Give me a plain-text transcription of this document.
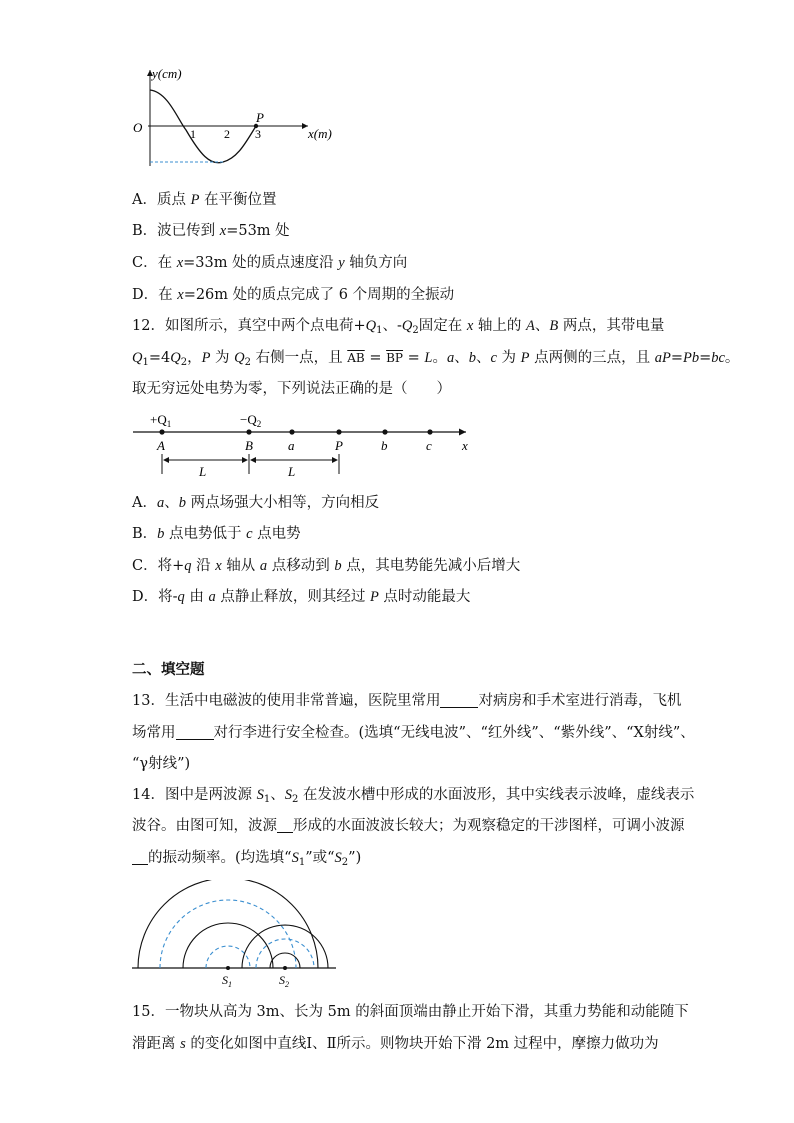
y(cm)
x(m)
O	1 2 3
P
A．质点 P 在平衡位置
B．波已传到 x=53m 处
C．在 x=33m 处的质点速度沿 y 轴负方向
D．在 x=26m 处的质点完成了 6 个周期的全振动
12．如图所示，真空中两个点电荷$+Q_1$、$-Q_2$固定在 x 轴上的 A、B 两点，其带电量
$Q_1=4Q_2$，P 为 $Q_2$ 右侧一点，且 $\overline{AB} = \overline{BP} = L$。a、b、c 为 P 点两侧的三点，且 aP=Pb=bc。
取无穷远处电势为零，下列说法正确的是（　　）
$+Q_1$	$-Q_2$
A	B	a	P	b	c x
L	L
A．a、b 两点场强大小相等，方向相反
B．b 点电势低于 c 点电势
C．将+q 沿 x 轴从 a 点移动到 b 点，其电势能先减小后增大
D．将-q 由 a 点静止释放，则其经过 P 点时动能最大
二、填空题
13．生活中电磁波的使用非常普遍，医院里常用	对病房和手术室进行消毒，飞机
场常用	对行李进行安全检查。(选填“无线电波”、“红外线”、“紫外线”、“X射线”、
“γ射线”)
14．图中是两波源 $S_1$、$S_2$ 在发波水槽中形成的水面波形，其中实线表示波峰，虚线表示
波谷。由图可知，波源 形成的水面波波长较大；为观察稳定的干涉图样，可调小波源
的振动频率。(均选填“$S_1$”或“$S_2$”)
$S_1$	$S_2$
15．一物块从高为 3m、长为 5m 的斜面顶端由静止开始下滑，其重力势能和动能随下
滑距离 s 的变化如图中直线Ⅰ、Ⅱ所示。则物块开始下滑 2m 过程中，摩擦力做功为
